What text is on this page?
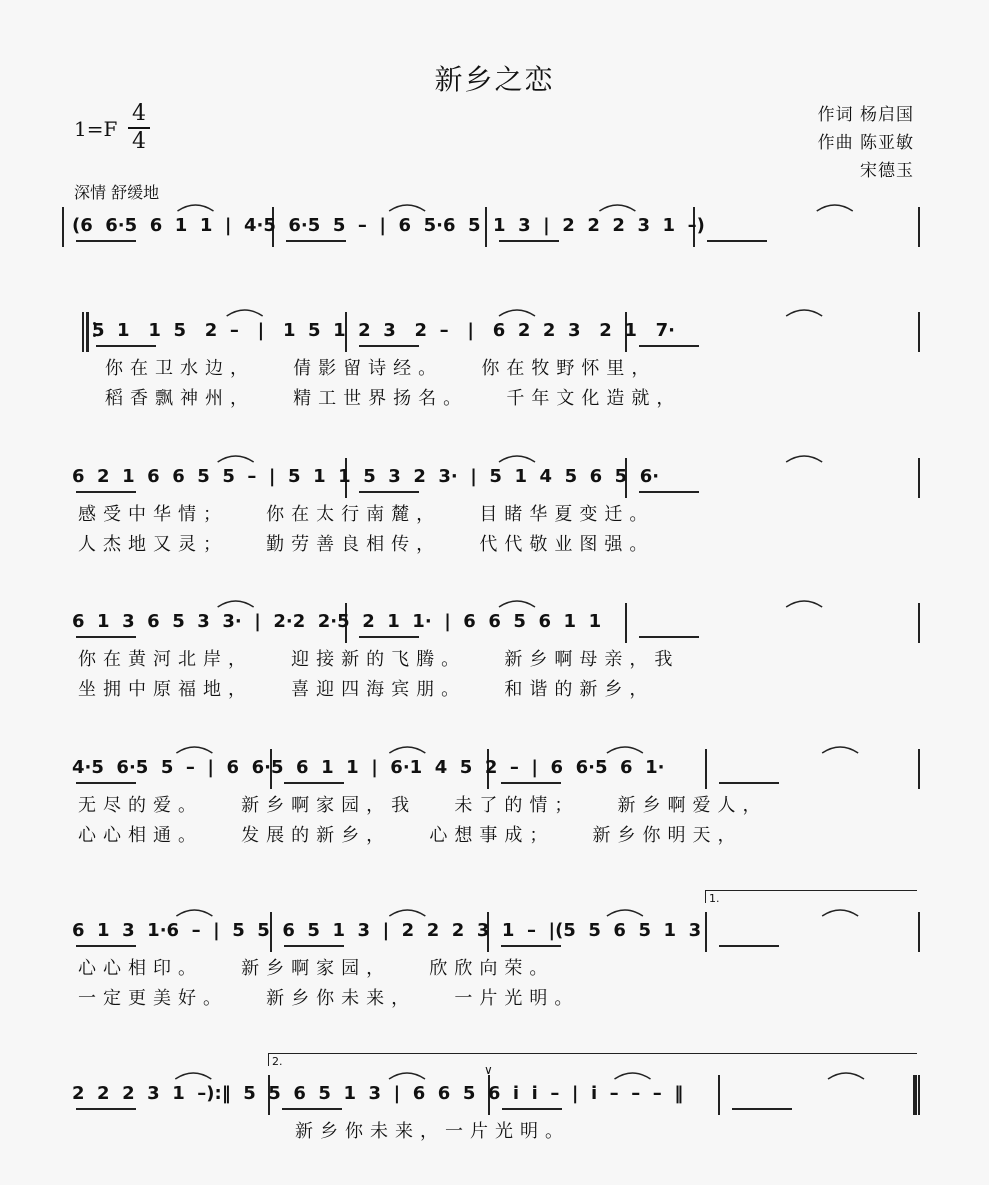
新乡之恋
1=F
4
4
作词 杨启国
作曲 陈亚敏
宋德玉
深情 舒缓地
(6  6·5  6  1  1  |  4·5  6·5  5  –  |  6  5·6  5  1  3  |  2  2  2  3  1  –)
5  1   1  5   2  –   |   1  5  1  2  3   2  –   |   6  2  2  3   2  1   7·
你在卫水边，   倩影留诗经。   你在牧野怀里，
稻香飘神州，   精工世界扬名。   千年文化造就，
6  2  1  6  6  5  5  –  |  5  1  1  5  3  2  3·  |  5  1  4  5  6  5  6·
感受中华情；   你在太行南麓，   目睹华夏变迁。
人杰地又灵；   勤劳善良相传，   代代敬业图强。
6  1  3  6  5  3  3·  |  2·2  2·5  2  1  1·  |  6  6  5  6  1  1
你在黄河北岸，   迎接新的飞腾。   新乡啊母亲，我
坐拥中原福地，   喜迎四海宾朋。   和谐的新乡，
4·5  6·5  5  –  |  6  6·5  6  1  1  |  6·1  4  5  2  –  |  6  6·5  6  1·
无尽的爱。   新乡啊家园，我   未了的情；   新乡啊爱人，
心心相通。   发展的新乡，   心想事成；   新乡你明天，
6  1  3  1·6  –  |  5  5  6  5  1  3  |  2  2  2  3  1  –  |(5  5  6  5  1  3
1.
心心相印。   新乡啊家园，   欣欣向荣。
一定更美好。   新乡你未来，   一片光明。
2  2  2  3  1  –):‖  5  5  6  5  1  3  |  6  6  5  6  i  i  –  |  i  –  –  –  ‖
2.
∨
新乡你未来，一片光明。
